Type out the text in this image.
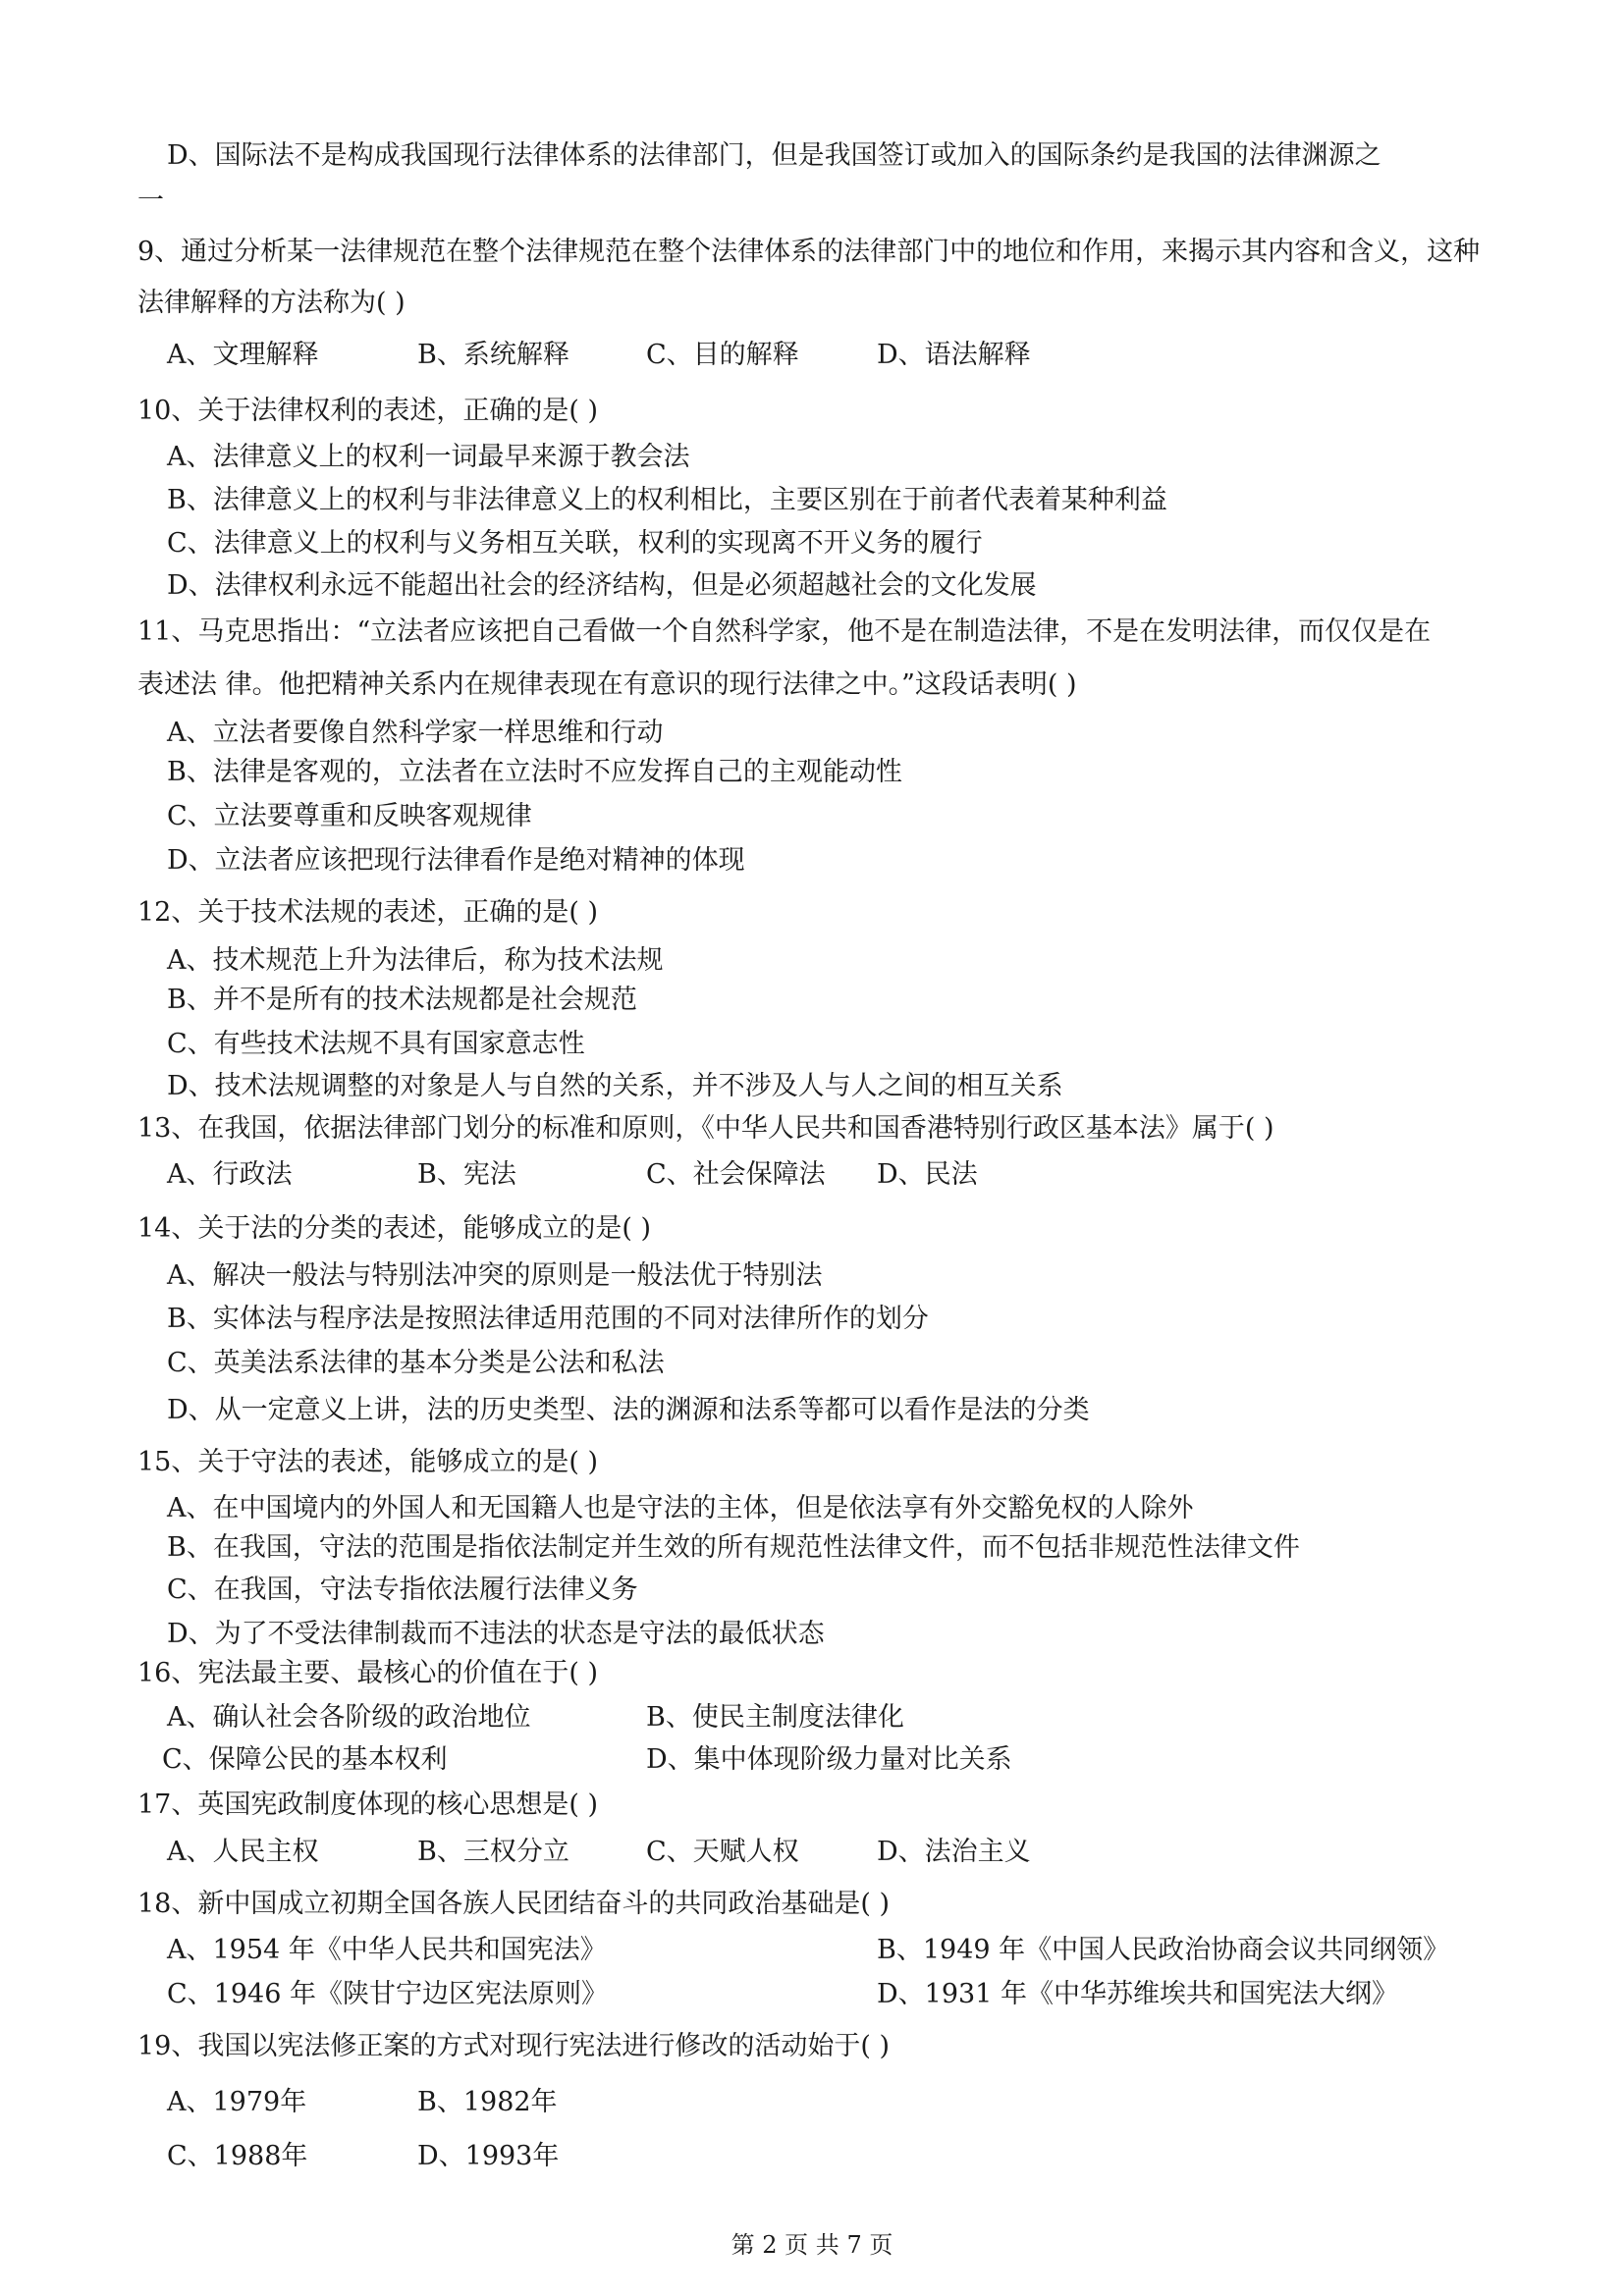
D、国际法不是构成我国现行法律体系的法律部门，但是我国签订或加入的国际条约是我国的法律渊源之

一

9、通过分析某一法律规范在整个法律规范在整个法律体系的法律部门中的地位和作用，来揭示其内容和含义，这种

法律解释的方法称为( )

A、文理解释	B、系统解释	C、目的解释	D、语法解释

10、关于法律权利的表述，正确的是( )

A、法律意义上的权利一词最早来源于教会法

B、法律意义上的权利与非法律意义上的权利相比，主要区别在于前者代表着某种利益

C、法律意义上的权利与义务相互关联，权利的实现离不开义务的履行

D、法律权利永远不能超出社会的经济结构，但是必须超越社会的文化发展

11、马克思指出：“立法者应该把自己看做一个自然科学家，他不是在制造法律，不是在发明法律，而仅仅是在

表述法 律。他把精神关系内在规律表现在有意识的现行法律之中。”这段话表明( )

A、立法者要像自然科学家一样思维和行动

B、法律是客观的，立法者在立法时不应发挥自己的主观能动性

C、立法要尊重和反映客观规律

D、立法者应该把现行法律看作是绝对精神的体现

12、关于技术法规的表述，正确的是( )

A、技术规范上升为法律后，称为技术法规

B、并不是所有的技术法规都是社会规范

C、有些技术法规不具有国家意志性

D、技术法规调整的对象是人与自然的关系，并不涉及人与人之间的相互关系

13、在我国，依据法律部门划分的标准和原则，《中华人民共和国香港特别行政区基本法》属于( )

A、行政法	B、宪法	C、社会保障法 D、民法

14、关于法的分类的表述，能够成立的是( )

A、解决一般法与特别法冲突的原则是一般法优于特别法

B、实体法与程序法是按照法律适用范围的不同对法律所作的划分

C、英美法系法律的基本分类是公法和私法

D、从一定意义上讲，法的历史类型、法的渊源和法系等都可以看作是法的分类

15、关于守法的表述，能够成立的是( )

A、在中国境内的外国人和无国籍人也是守法的主体，但是依法享有外交豁免权的人除外

B、在我国，守法的范围是指依法制定并生效的所有规范性法律文件，而不包括非规范性法律文件

C、在我国，守法专指依法履行法律义务

D、为了不受法律制裁而不违法的状态是守法的最低状态

16、宪法最主要、最核心的价值在于( )

A、确认社会各阶级的政治地位	B、使民主制度法律化

C、保障公民的基本权利	D、集中体现阶级力量对比关系

17、英国宪政制度体现的核心思想是( )

A、人民主权	B、三权分立	C、天赋人权	D、法治主义

18、新中国成立初期全国各族人民团结奋斗的共同政治基础是( )

A、1954 年《中华人民共和国宪法》	B、1949 年《中国人民政治协商会议共同纲领》

C、1946 年《陕甘宁边区宪法原则》	D、1931 年《中华苏维埃共和国宪法大纲》

19、我国以宪法修正案的方式对现行宪法进行修改的活动始于( )

A、1979年	B、1982年

C、1988年	D、1993年

第 2 页 共 7 页
